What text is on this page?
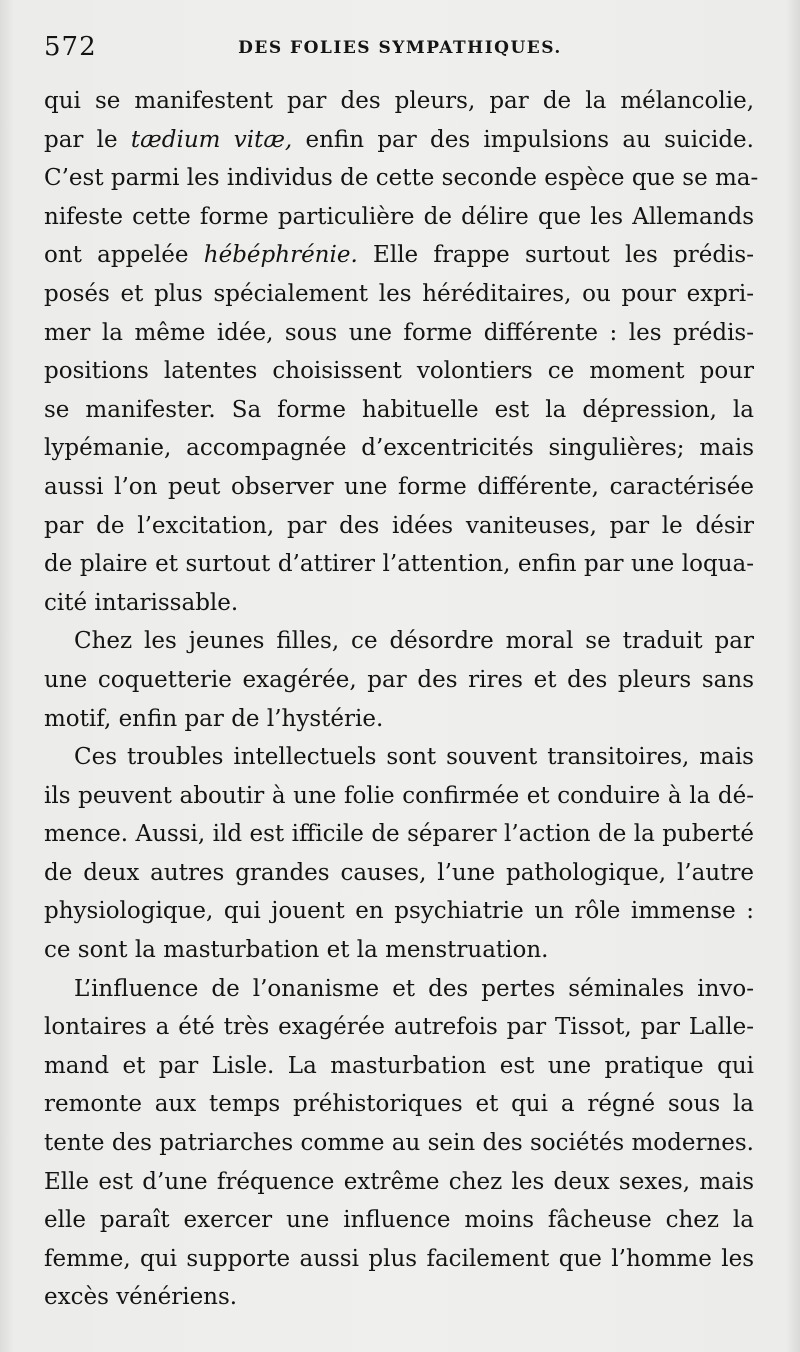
572	DES FOLIES SYMPATHIQUES.
qui se manifestent par des pleurs, par de la mélancolie,
par le tædium vitæ, enfin par des impulsions au suicide.
C’est parmi les individus de cette seconde espèce que se ma-
nifeste cette forme particulière de délire que les Allemands
ont appelée hébéphrénie. Elle frappe surtout les prédis-
posés et plus spécialement les héréditaires, ou pour expri-
mer la même idée, sous une forme différente : les prédis-
positions latentes choisissent volontiers ce moment pour
se manifester. Sa forme habituelle est la dépression, la
lypémanie, accompagnée d’excentricités singulières; mais
aussi l’on peut observer une forme différente, caractérisée
par de l’excitation, par des idées vaniteuses, par le désir
de plaire et surtout d’attirer l’attention, enfin par une loqua-
cité intarissable.
Chez les jeunes filles, ce désordre moral se traduit par
une coquetterie exagérée, par des rires et des pleurs sans
motif, enfin par de l’hystérie.
Ces troubles intellectuels sont souvent transitoires, mais
ils peuvent aboutir à une folie confirmée et conduire à la dé-
mence. Aussi, ild est ifficile de séparer l’action de la puberté
de deux autres grandes causes, l’une pathologique, l’autre
physiologique, qui jouent en psychiatrie un rôle immense :
ce sont la masturbation et la menstruation.
L’influence de l’onanisme et des pertes séminales invo-
lontaires a été très exagérée autrefois par Tissot, par Lalle-
mand et par Lisle. La masturbation est une pratique qui
remonte aux temps préhistoriques et qui a régné sous la
tente des patriarches comme au sein des sociétés modernes.
Elle est d’une fréquence extrême chez les deux sexes, mais
elle paraît exercer une influence moins fâcheuse chez la
femme, qui supporte aussi plus facilement que l’homme les
excès vénériens.
